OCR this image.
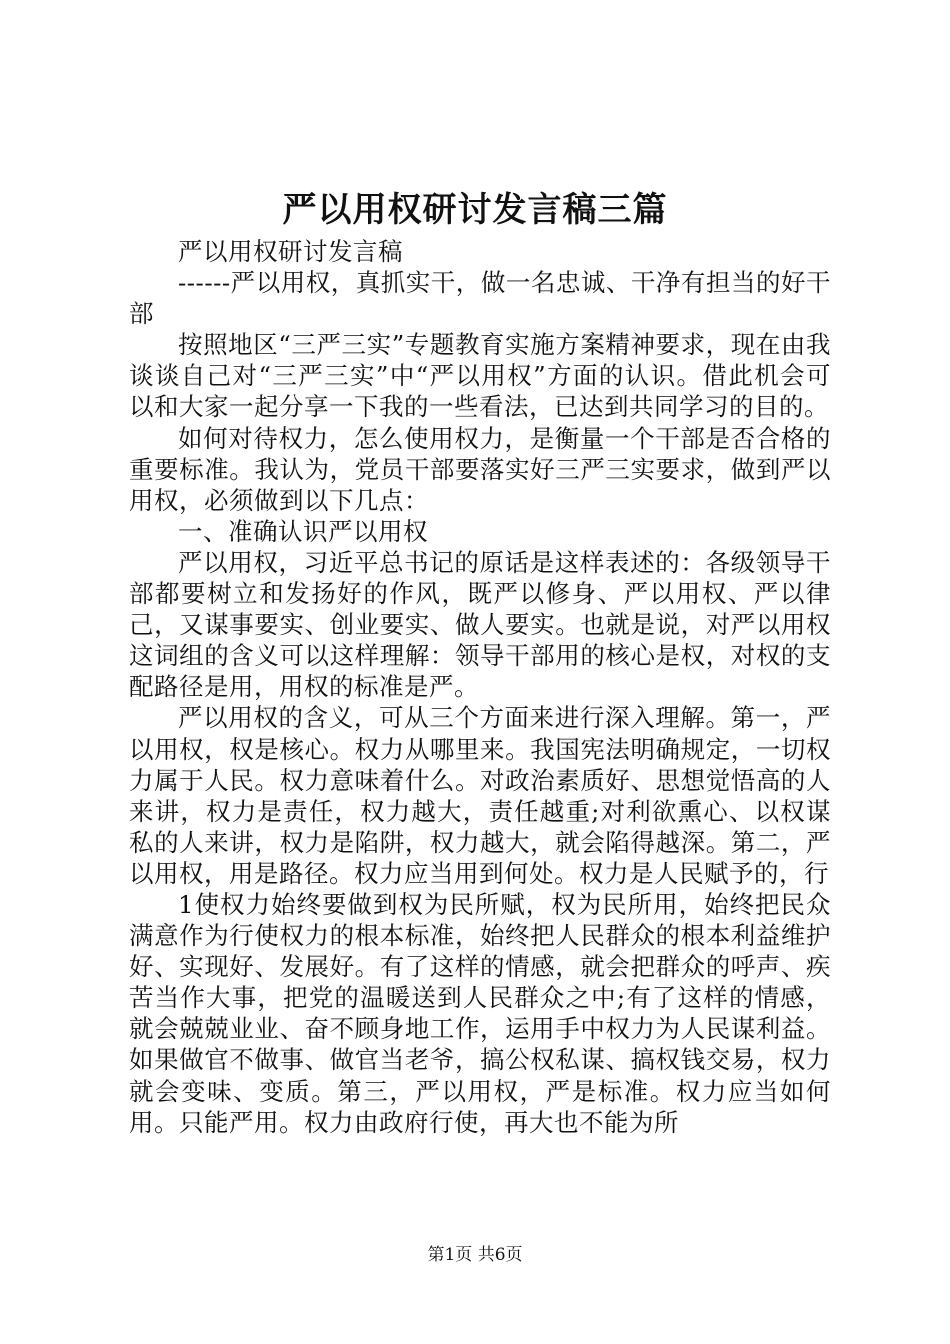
严以用权研讨发言稿三篇

严以用权研讨发言稿

------严以用权，真抓实干，做一名忠诚、干净有担当的好干部

按照地区“三严三实”专题教育实施方案精神要求，现在由我谈谈自己对“三严三实”中“严以用权”方面的认识。借此机会可以和大家一起分享一下我的一些看法，已达到共同学习的目的。

如何对待权力，怎么使用权力，是衡量一个干部是否合格的重要标准。我认为，党员干部要落实好三严三实要求，做到严以用权，必须做到以下几点：

一、准确认识严以用权

严以用权，习近平总书记的原话是这样表述的：各级领导干部都要树立和发扬好的作风，既严以修身、严以用权、严以律己，又谋事要实、创业要实、做人要实。也就是说，对严以用权这词组的含义可以这样理解：领导干部用的核心是权，对权的支配路径是用，用权的标准是严。

严以用权的含义，可从三个方面来进行深入理解。第一，严以用权，权是核心。权力从哪里来。我国宪法明确规定，一切权力属于人民。权力意味着什么。对政治素质好、思想觉悟高的人来讲，权力是责任，权力越大，责任越重;对利欲熏心、以权谋私的人来讲，权力是陷阱，权力越大，就会陷得越深。第二，严以用权，用是路径。权力应当用到何处。权力是人民赋予的，行

1使权力始终要做到权为民所赋，权为民所用，始终把民众满意作为行使权力的根本标准，始终把人民群众的根本利益维护好、实现好、发展好。有了这样的情感，就会把群众的呼声、疾苦当作大事，把党的温暖送到人民群众之中;有了这样的情感，就会兢兢业业、奋不顾身地工作，运用手中权力为人民谋利益。如果做官不做事、做官当老爷，搞公权私谋、搞权钱交易，权力就会变味、变质。第三，严以用权，严是标准。权力应当如何用。只能严用。权力由政府行使，再大也不能为所

第1页 共6页
